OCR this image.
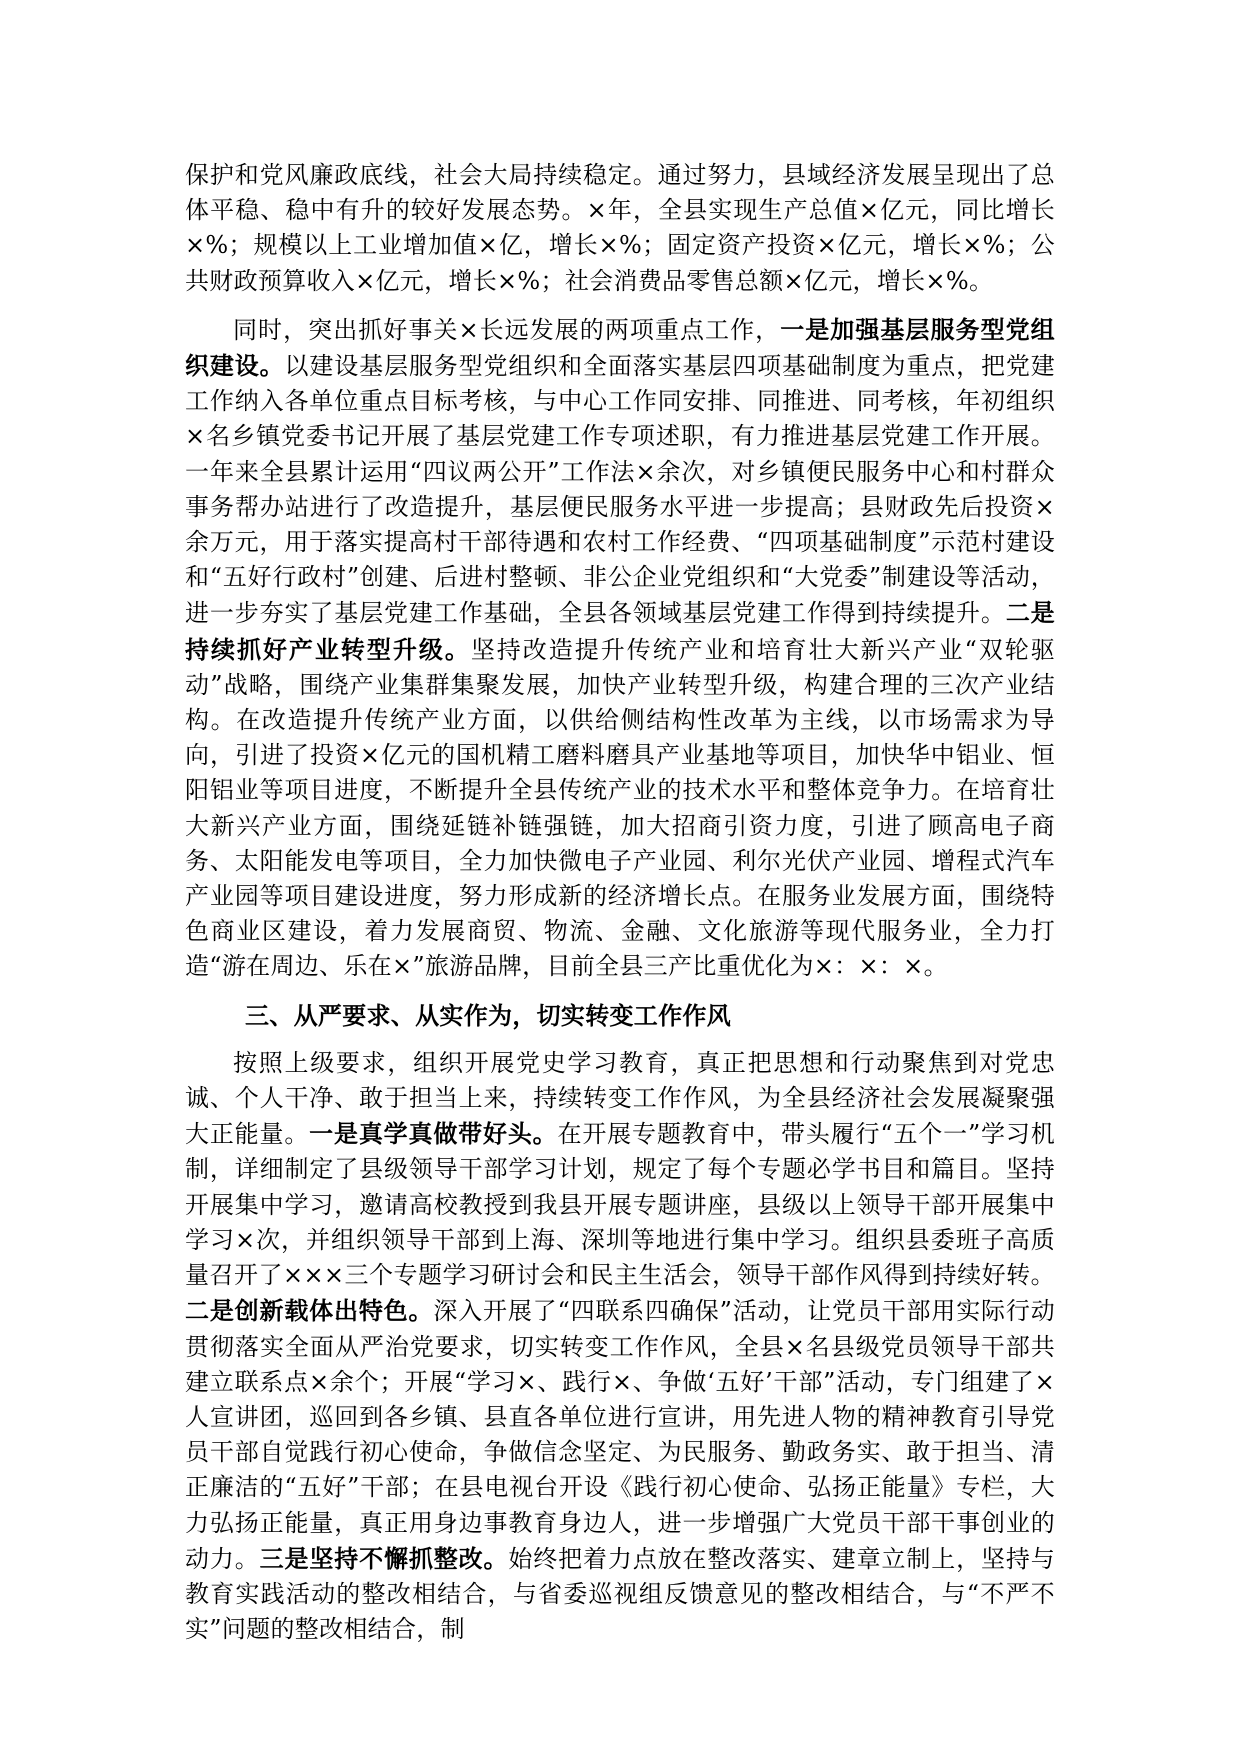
保护和党风廉政底线，社会大局持续稳定。通过努力，县域经济发展呈现出了总体平稳、稳中有升的较好发展态势。×年，全县实现生产总值×亿元，同比增长×%；规模以上工业增加值×亿，增长×%；固定资产投资×亿元，增长×%；公共财政预算收入×亿元，增长×%；社会消费品零售总额×亿元，增长×%。

同时，突出抓好事关×长远发展的两项重点工作，一是加强基层服务型党组织建设。以建设基层服务型党组织和全面落实基层四项基础制度为重点，把党建工作纳入各单位重点目标考核，与中心工作同安排、同推进、同考核，年初组织×名乡镇党委书记开展了基层党建工作专项述职，有力推进基层党建工作开展。一年来全县累计运用“四议两公开”工作法×余次，对乡镇便民服务中心和村群众事务帮办站进行了改造提升，基层便民服务水平进一步提高；县财政先后投资×余万元，用于落实提高村干部待遇和农村工作经费、“四项基础制度”示范村建设和“五好行政村”创建、后进村整顿、非公企业党组织和“大党委”制建设等活动，进一步夯实了基层党建工作基础，全县各领域基层党建工作得到持续提升。二是持续抓好产业转型升级。坚持改造提升传统产业和培育壮大新兴产业“双轮驱动”战略，围绕产业集群集聚发展，加快产业转型升级，构建合理的三次产业结构。在改造提升传统产业方面，以供给侧结构性改革为主线，以市场需求为导向，引进了投资×亿元的国机精工磨料磨具产业基地等项目，加快华中铝业、恒阳铝业等项目进度，不断提升全县传统产业的技术水平和整体竞争力。在培育壮大新兴产业方面，围绕延链补链强链，加大招商引资力度，引进了顾高电子商务、太阳能发电等项目，全力加快微电子产业园、利尔光伏产业园、增程式汽车产业园等项目建设进度，努力形成新的经济增长点。在服务业发展方面，围绕特色商业区建设，着力发展商贸、物流、金融、文化旅游等现代服务业，全力打造“游在周边、乐在×”旅游品牌，目前全县三产比重优化为×：×：×。

三、从严要求、从实作为，切实转变工作作风

按照上级要求，组织开展党史学习教育，真正把思想和行动聚焦到对党忠诚、个人干净、敢于担当上来，持续转变工作作风，为全县经济社会发展凝聚强大正能量。一是真学真做带好头。在开展专题教育中，带头履行“五个一”学习机制，详细制定了县级领导干部学习计划，规定了每个专题必学书目和篇目。坚持开展集中学习，邀请高校教授到我县开展专题讲座，县级以上领导干部开展集中学习×次，并组织领导干部到上海、深圳等地进行集中学习。组织县委班子高质量召开了×××三个专题学习研讨会和民主生活会，领导干部作风得到持续好转。二是创新载体出特色。深入开展了“四联系四确保”活动，让党员干部用实际行动贯彻落实全面从严治党要求，切实转变工作作风，全县×名县级党员领导干部共建立联系点×余个；开展“学习×、践行×、争做‘五好’干部”活动，专门组建了×人宣讲团，巡回到各乡镇、县直各单位进行宣讲，用先进人物的精神教育引导党员干部自觉践行初心使命，争做信念坚定、为民服务、勤政务实、敢于担当、清正廉洁的“五好”干部；在县电视台开设《践行初心使命、弘扬正能量》专栏，大力弘扬正能量，真正用身边事教育身边人，进一步增强广大党员干部干事创业的动力。三是坚持不懈抓整改。始终把着力点放在整改落实、建章立制上，坚持与教育实践活动的整改相结合，与省委巡视组反馈意见的整改相结合，与“不严不实”问题的整改相结合，制
